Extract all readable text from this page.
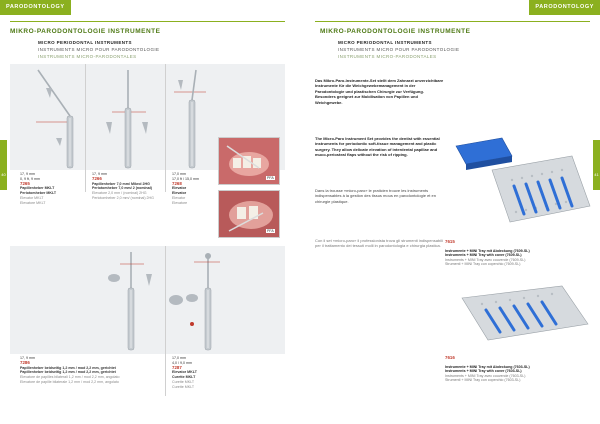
PARODONTOLOGY
MIKRO-PARODONTOLOGIE INSTRUMENTE
MICRO PERIODONTAL INSTRUMENTS
INSTRUMENTS MICRO POUR PARODONTOLOGIE
INSTRUMENTS MICRO-PARODONTALES
40
PFA
PFA
17, 9 mm
0, 9 ft, 9 mm
7265
Papillenheber MKLT
Periotomheber MKLT
Elevator MKLT
Elevatore MKLT
17, 9 mm
7266
Papillenheber 7,0 mm/ Mikrol 2HG
Periotomheber 7,0 mm/ 2 (nominal)
Elevatore 2,0 mm / (nominal) 2HG
Periotomheber 2,0 mm/ (nominal) 2HG
17,0 mm
17,0 ft / 15,0 mm
7268
Elevator
Elevator
Elevator
Elevatore
17, 9 mm
7286
Papillenheber beidseitig 1,2 mm / mod 2,2 mm, gerichtet
Papillenheber beidseitig 1,2 mm / mod 2,2 mm, gerichtet
Elevatore de papilles bilaterali 1,2 mm / mod 2,2 mm, angolato
Elevatore de papille bilaterale 1,2 mm / mod 2,2 mm, angolato
17,0 mm
4,0 / 9,0 mm
7287
Elevator MKLT
Curette MKLT
Curette MKLT
Curette MKLT
PARODONTOLOGY
MIKRO-PARODONTOLOGIE INSTRUMENTE
MICRO PERIODONTAL INSTRUMENTS
INSTRUMENTS MICRO POUR PARODONTOLOGIE
INSTRUMENTS MICRO-PARODONTALES
41
Das Mikro-Paro-Instrumente-Set stellt dem Zahnarzt unverzichtbare Instrumente für die Weichgewebemanagement in der Parodontologie und plastischen Chirurgie zur Verfügung. Besonders geeignet zur Mobilisation von Papillen und Weichgewebe.
The Micro-Paro Instrument Set provides the dentist with essential instruments for periodontic soft-tissue management and plastic surgery. They allow delicate elevation of interdental papillae and muco-periosteal flaps without the risk of ripping.
Dans la trousse «micro-paro» le praticien trouve les instruments indispensables à la gestion des tissus mous en parodontologie et en chirurgie plastique.
Con il set «micro-paro» il professionista trova gli strumenti indispensabili per il trattamento dei tessuti molli in parodontologia e chirurgia plastica.
7615
Instrumente + MINI Tray mit Abdeckung (7609-SL)
Instruments + MINI Tray with cover (7609-SL)
Instruments + MINI Tray avec couvercle (7609-SL)
Strumenti + MINI Tray con coperchio (7609-SL)
7616
Instrumente + MINI Tray mit Abdeckung (7603-SL)
Instruments + MINI Tray with cover (7603-SL)
Instruments + MINI Tray avec couvercle (7603-SL)
Strumenti + MINI Tray con coperchio (7603-SL)
